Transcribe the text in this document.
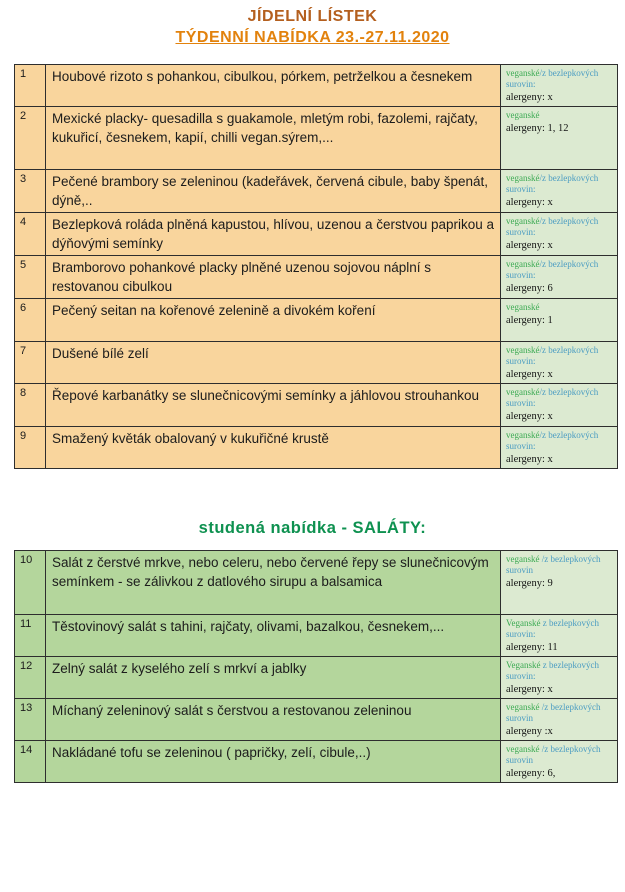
JÍDELNÍ LÍSTEK
TÝDENNÍ NABÍDKA 23.-27.11.2020
1	Houbové rizoto s pohankou, cibulkou, pórkem, petrželkou a česnekem	veganské/z bezlepkových surovin:
alergeny: x

2	Mexické placky- quesadilla s guakamole, mletým robi, fazolemi, rajčaty, kukuřicí, česnekem, kapií, chilli vegan.sýrem,...	veganské
alergeny: 1, 12

3	Pečené brambory se zeleninou (kadeřávek, červená cibule, baby špenát, dýně,..	veganské/z bezlepkových surovin:
alergeny: x

4	Bezlepková roláda plněná kapustou, hlívou, uzenou a čerstvou paprikou a dýňovými semínky	veganské/z bezlepkových surovin:
alergeny: x

5	Bramborovo pohankové placky plněné uzenou sojovou náplní s restovanou cibulkou	veganské/z bezlepkových surovin:
alergeny: 6

6	Pečený seitan na kořenové zelenině a divokém koření	veganské
alergeny: 1

7	Dušené bílé zelí	veganské/z bezlepkových surovin:
alergeny: x

8	Řepové karbanátky se slunečnicovými semínky a jáhlovou strouhankou	veganské/z bezlepkových surovin:
alergeny: x

9	Smažený květák obalovaný v kukuřičné krustě	veganské/z bezlepkových surovin:
alergeny: x
studená nabídka - SALÁTY:
10	Salát z čerstvé mrkve, nebo celeru, nebo červené řepy se slunečnicovým semínkem - se zálivkou z datlového sirupu a balsamica	veganské /z bezlepkových surovin
alergeny: 9

11	Těstovinový salát s tahini, rajčaty, olivami, bazalkou, česnekem,...	Veganské z bezlepkových surovin:
alergeny: 11

12	Zelný salát z kyselého zelí s mrkví a jablky	Veganské z bezlepkových surovin:
alergeny: x

13	Míchaný zeleninový salát s čerstvou a restovanou zeleninou	veganské /z bezlepkových surovin
alergeny :x

14	Nakládané tofu se zeleninou ( papričky, zelí, cibule,..)	veganské /z bezlepkových surovin
alergeny: 6,
